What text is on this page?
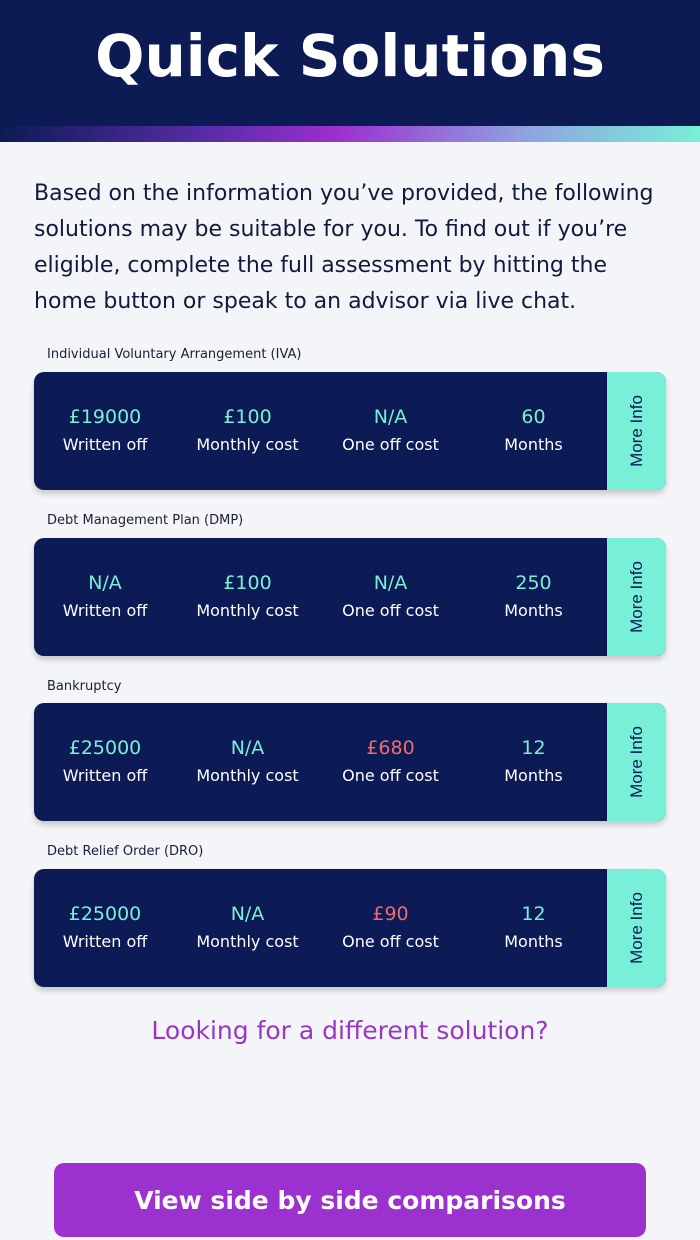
Quick Solutions

Based on the information you’ve provided, the following solutions may be suitable for you. To find out if you’re eligible, complete the full assessment by hitting the home button or speak to an advisor via live chat.

Individual Voluntary Arrangement (IVA)
£19000
Written off
£100
Monthly cost
N/A
One off cost
60
Months	More Info
Debt Management Plan (DMP)
N/A
Written off
£100
Monthly cost
N/A
One off cost
250
Months	More Info
Bankruptcy
£25000
Written off
N/A
Monthly cost
£680
One off cost
12
Months	More Info
Debt Relief Order (DRO)
£25000
Written off
N/A
Monthly cost
£90
One off cost
12
Months	More Info
Looking for a different solution?
View side by side comparisons
